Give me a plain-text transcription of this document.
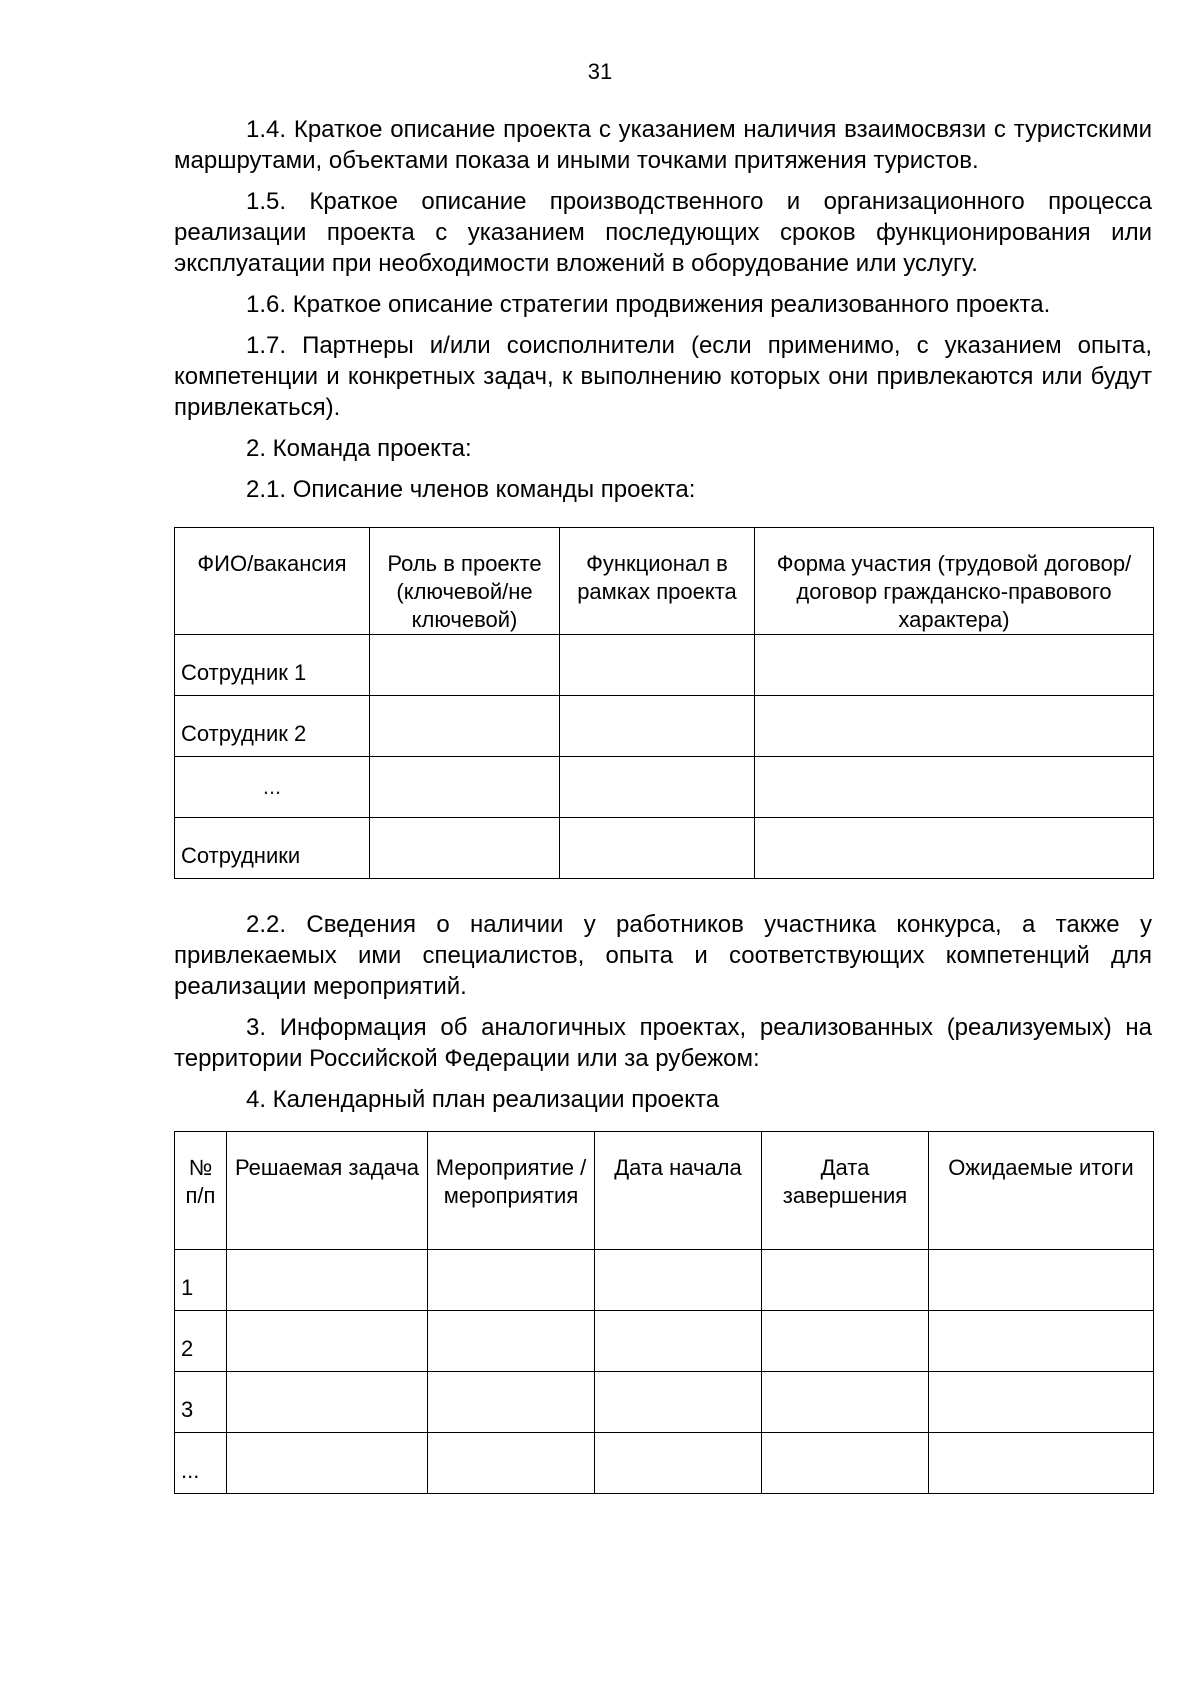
31

1.4. Краткое описание проекта с указанием наличия взаимосвязи с туристскими маршрутами, объектами показа и иными точками притяжения туристов.

1.5. Краткое описание производственного и организационного процесса реализации проекта с указанием последующих сроков функционирования или эксплуатации при необходимости вложений в оборудование или услугу.

1.6. Краткое описание стратегии продвижения реализованного проекта.

1.7. Партнеры и/или соисполнители (если применимо, с указанием опыта, компетенции и конкретных задач, к выполнению которых они привлекаются или будут привлекаться).

2. Команда проекта:

2.1. Описание членов команды проекта:

ФИО/вакансия	Роль в проекте (ключевой/не ключевой)	Функционал в рамках проекта	Форма участия (трудовой договор/договор гражданско-правового характера)
Сотрудник 1			
Сотрудник 2			
...			
Сотрудники			

2.2. Сведения о наличии у работников участника конкурса, а также у привлекаемых ими специалистов, опыта и соответствующих компетенций для реализации мероприятий.

3. Информация об аналогичных проектах, реализованных (реализуемых) на территории Российской Федерации или за рубежом:

4. Календарный план реализации проекта

№ п/п	Решаемая задача	Мероприятие / мероприятия	Дата начала	Дата завершения	Ожидаемые итоги
1					
2					
3					
...					
